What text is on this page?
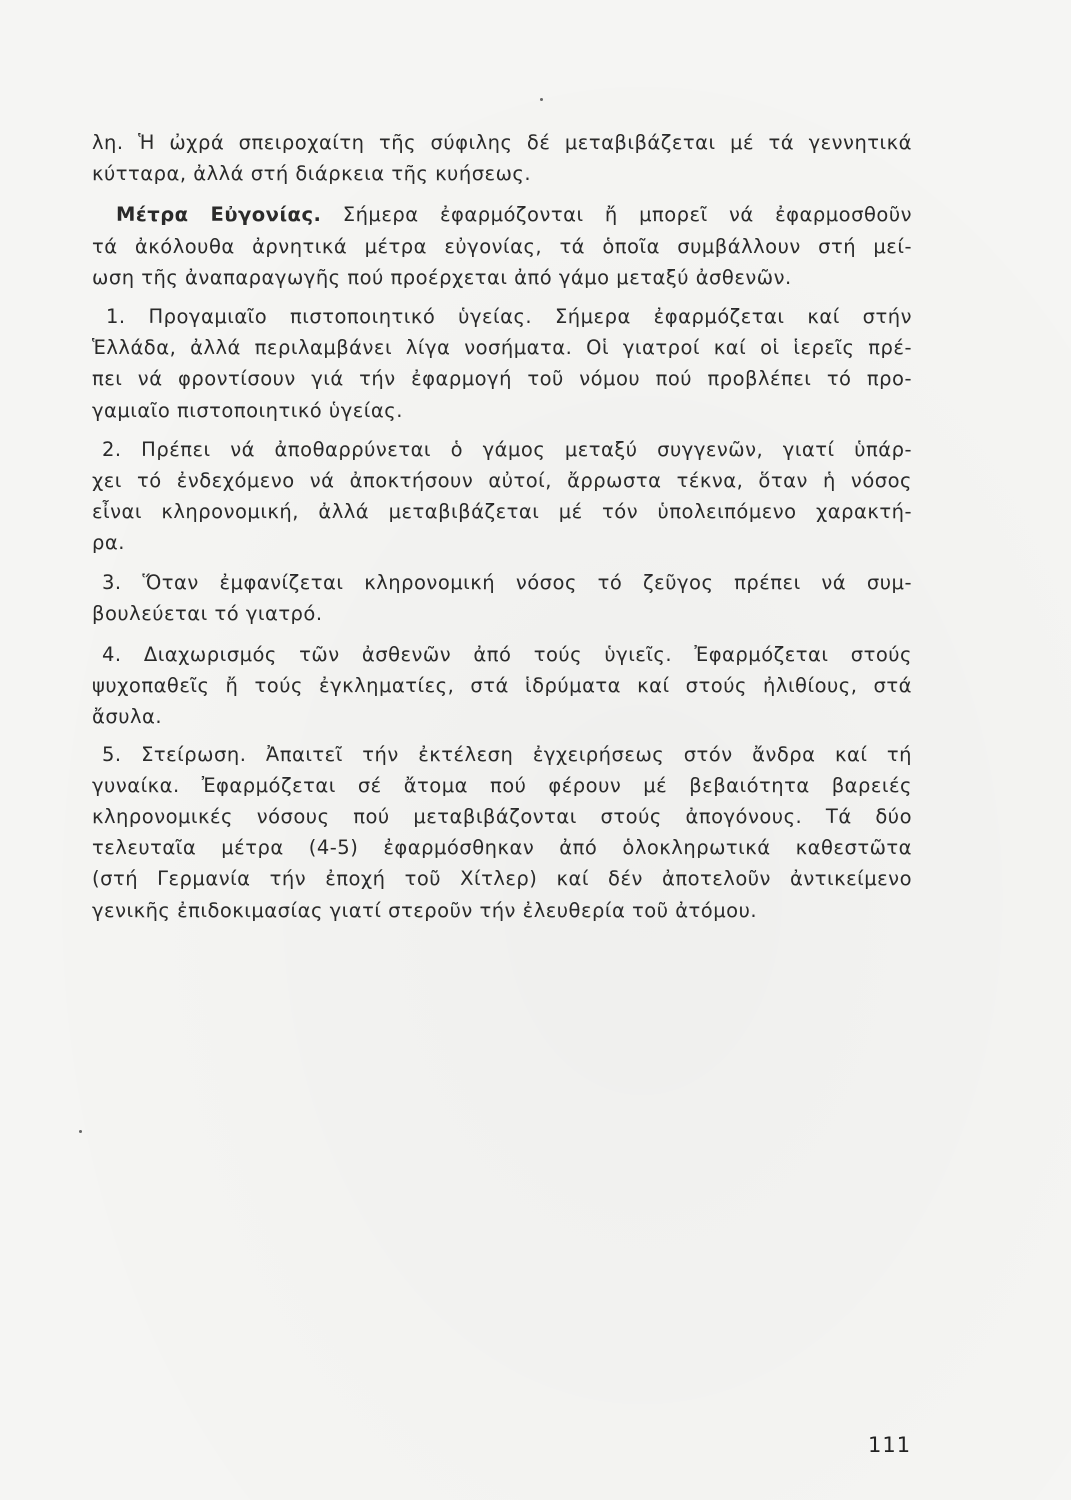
λη. Ἡ ὠχρά σπειροχαίτη τῆς σύφιλης δέ μεταβιβάζεται μέ τά γεννητικά
κύτταρα, ἀλλά στή διάρκεια τῆς κυήσεως.
Μέτρα Εὐγονίας. Σήμερα ἐφαρμόζονται ἤ μπορεῖ νά ἐφαρμοσθοῦν
τά ἀκόλουθα ἀρνητικά μέτρα εὐγονίας, τά ὁποῖα συμβάλλουν στή μεί-
ωση τῆς ἀναπαραγωγῆς πού προέρχεται ἀπό γάμο μεταξύ ἀσθενῶν.
1. Προγαμιαῖο πιστοποιητικό ὑγείας. Σήμερα ἐφαρμόζεται καί στήν
Ἑλλάδα, ἀλλά περιλαμβάνει λίγα νοσήματα. Οἱ γιατροί καί οἱ ἱερεῖς πρέ-
πει νά φροντίσουν γιά τήν ἐφαρμογή τοῦ νόμου πού προβλέπει τό προ-
γαμιαῖο πιστοποιητικό ὑγείας.
2. Πρέπει νά ἀποθαρρύνεται ὁ γάμος μεταξύ συγγενῶν, γιατί ὑπάρ-
χει τό ἐνδεχόμενο νά ἀποκτήσουν αὐτοί, ἄρρωστα τέκνα, ὅταν ἡ νόσος
εἶναι κληρονομική, ἀλλά μεταβιβάζεται μέ τόν ὑπολειπόμενο χαρακτή-
ρα.
3. Ὅταν ἐμφανίζεται κληρονομική νόσος τό ζεῦγος πρέπει νά συμ-
βουλεύεται τό γιατρό.
4. Διαχωρισμός τῶν ἀσθενῶν ἀπό τούς ὑγιεῖς. Ἐφαρμόζεται στούς
ψυχοπαθεῖς ἤ τούς ἐγκληματίες, στά ἱδρύματα καί στούς ἠλιθίους, στά
ἄσυλα.
5. Στείρωση. Ἀπαιτεῖ τήν ἐκτέλεση ἐγχειρήσεως στόν ἄνδρα καί τή
γυναίκα. Ἐφαρμόζεται σέ ἄτομα πού φέρουν μέ βεβαιότητα βαρειές
κληρονομικές νόσους πού μεταβιβάζονται στούς ἀπογόνους. Τά δύο
τελευταῖα μέτρα (4-5) ἐφαρμόσθηκαν ἀπό ὁλοκληρωτικά καθεστῶτα
(στή Γερμανία τήν ἐποχή τοῦ Χίτλερ) καί δέν ἀποτελοῦν ἀντικείμενο
γενικῆς ἐπιδοκιμασίας γιατί στεροῦν τήν ἐλευθερία τοῦ ἀτόμου.
111
